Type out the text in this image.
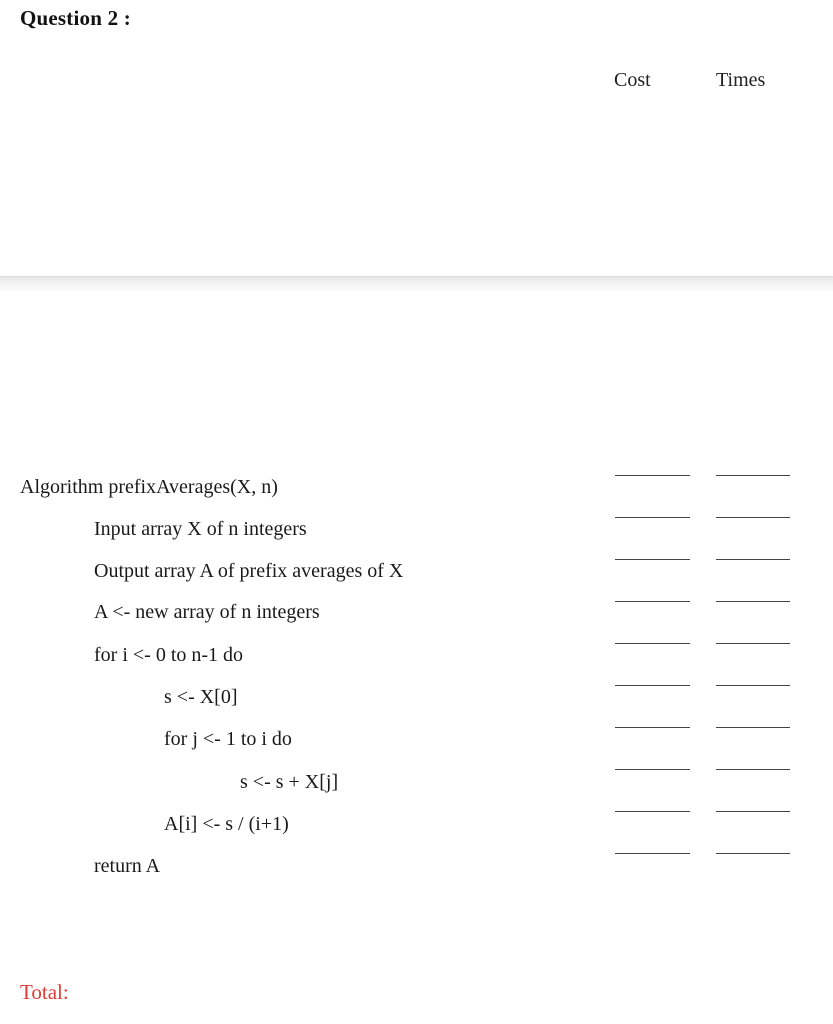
Question 2 :
Cost	Times
Algorithm prefixAverages(X, n)
Input array X of n integers
Output array A of prefix averages of X
A <- new array of n integers
for i <- 0 to n-1 do
s <- X[0]
for j <- 1 to i do
s <- s + X[j]
A[i] <- s / (i+1)
return A
Total:
